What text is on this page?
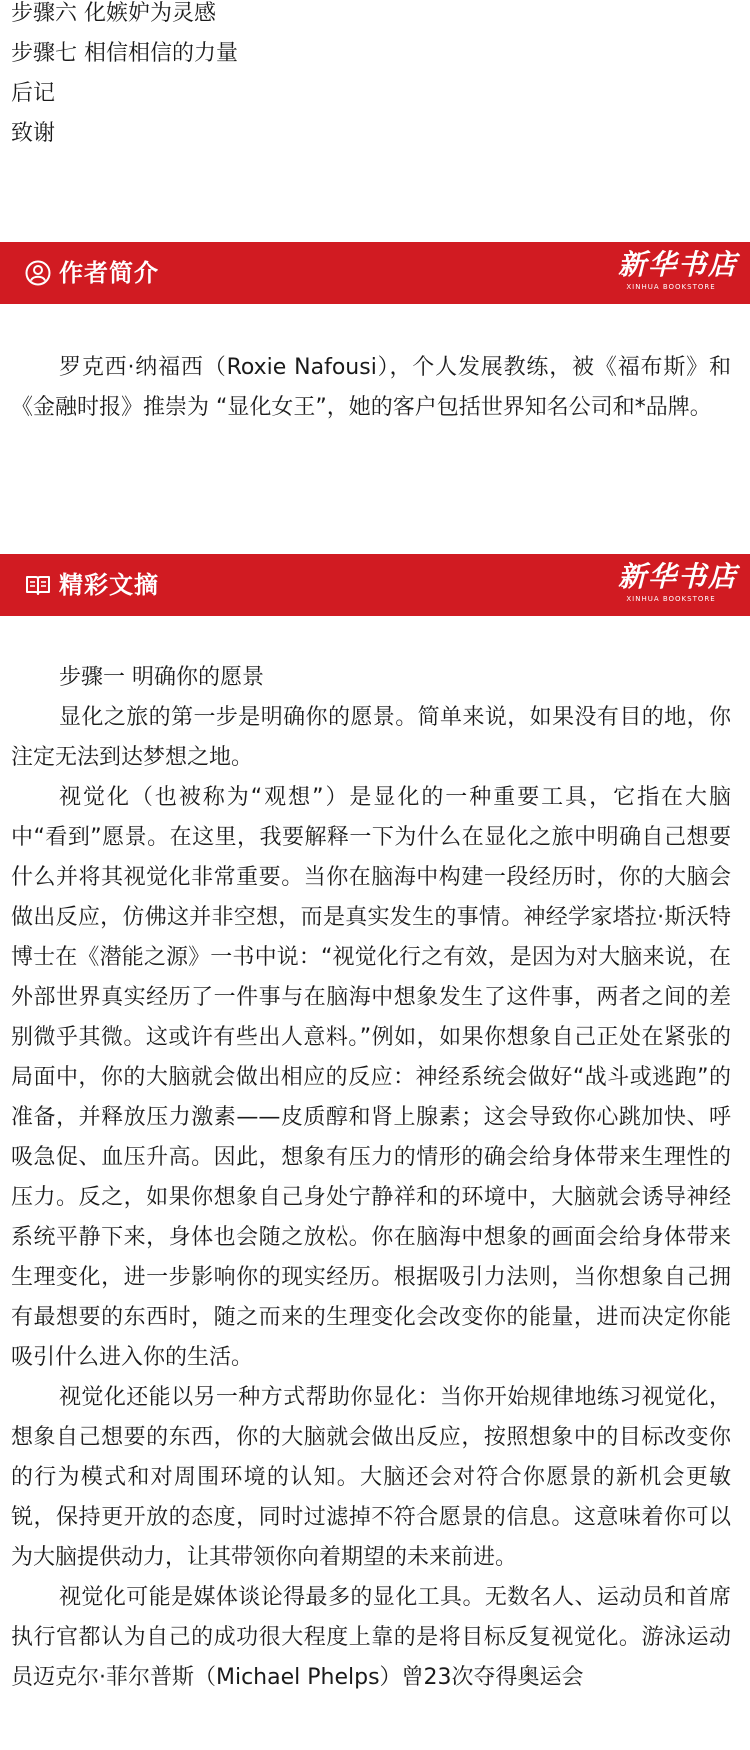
步骤六 化嫉妒为灵感
步骤七 相信相信的力量
后记
致谢
作者简介	新华书店
XINHUA BOOKSTORE

罗克西·纳福西（Roxie Nafousi），个人发展教练，被《福布斯》和《金融时报》推崇为 “显化女王”，她的客户包括世界知名公司和*品牌。

精彩文摘	新华书店
XINHUA BOOKSTORE

步骤一 明确你的愿景

显化之旅的第一步是明确你的愿景。简单来说，如果没有目的地，你注定无法到达梦想之地。

视觉化（也被称为“观想”）是显化的一种重要工具，它指在大脑中“看到”愿景。在这里，我要解释一下为什么在显化之旅中明确自己想要什么并将其视觉化非常重要。当你在脑海中构建一段经历时，你的大脑会做出反应，仿佛这并非空想，而是真实发生的事情。神经学家塔拉·斯沃特博士在《潜能之源》一书中说：“视觉化行之有效，是因为对大脑来说，在外部世界真实经历了一件事与在脑海中想象发生了这件事，两者之间的差别微乎其微。这或许有些出人意料。”例如，如果你想象自己正处在紧张的局面中，你的大脑就会做出相应的反应：神经系统会做好“战斗或逃跑”的准备，并释放压力激素——皮质醇和肾上腺素；这会导致你心跳加快、呼吸急促、血压升高。因此，想象有压力的情形的确会给身体带来生理性的压力。反之，如果你想象自己身处宁静祥和的环境中，大脑就会诱导神经系统平静下来，身体也会随之放松。你在脑海中想象的画面会给身体带来生理变化，进一步影响你的现实经历。根据吸引力法则，当你想象自己拥有最想要的东西时，随之而来的生理变化会改变你的能量，进而决定你能吸引什么进入你的生活。

视觉化还能以另一种方式帮助你显化：当你开始规律地练习视觉化，想象自己想要的东西，你的大脑就会做出反应，按照想象中的目标改变你的行为模式和对周围环境的认知。大脑还会对符合你愿景的新机会更敏锐，保持更开放的态度，同时过滤掉不符合愿景的信息。这意味着你可以为大脑提供动力，让其带领你向着期望的未来前进。

视觉化可能是媒体谈论得最多的显化工具。无数名人、运动员和首席执行官都认为自己的成功很大程度上靠的是将目标反复视觉化。游泳运动员迈克尔·菲尔普斯（Michael Phelps）曾23次夺得奥运会
